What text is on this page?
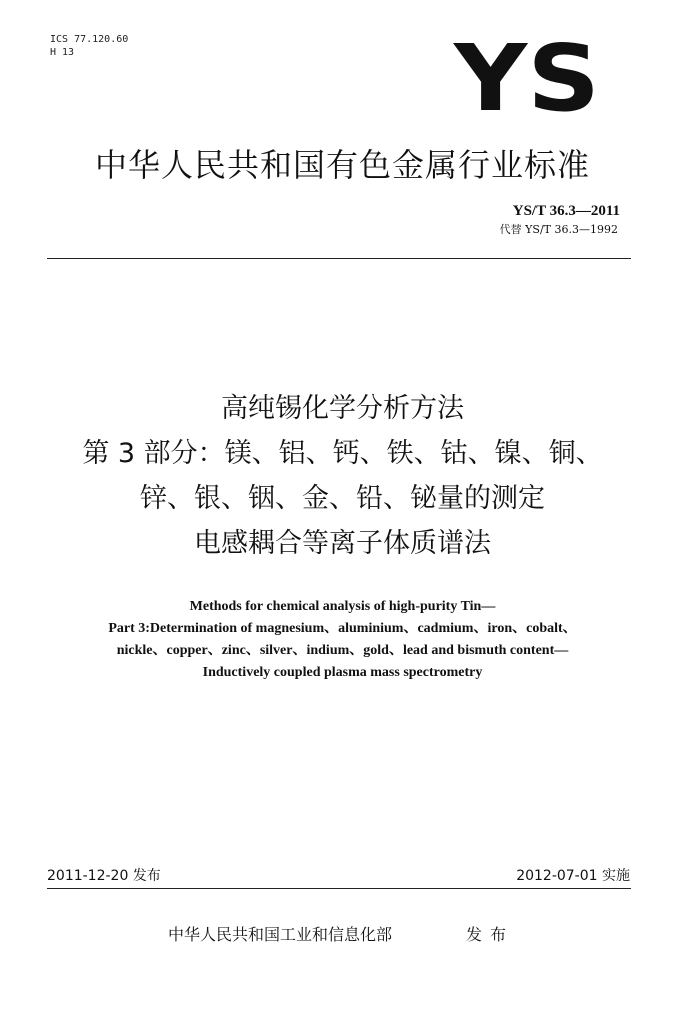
ICS 77.120.60
H 13	YS
中华人民共和国有色金属行业标准
YS/T 36.3—2011
代替 YS/T 36.3—1992
高纯锡化学分析方法
第 3 部分：镁、铝、钙、铁、钴、镍、铜、
锌、银、铟、金、铅、铋量的测定
电感耦合等离子体质谱法
Methods for chemical analysis of high-purity Tin—
Part 3:Determination of magnesium、aluminium、cadmium、iron、cobalt、
nickle、copper、zinc、silver、indium、gold、lead and bismuth content—
Inductively coupled plasma mass spectrometry
2011-12-20 发布	2012-07-01 实施
中华人民共和国工业和信息化部	发布
